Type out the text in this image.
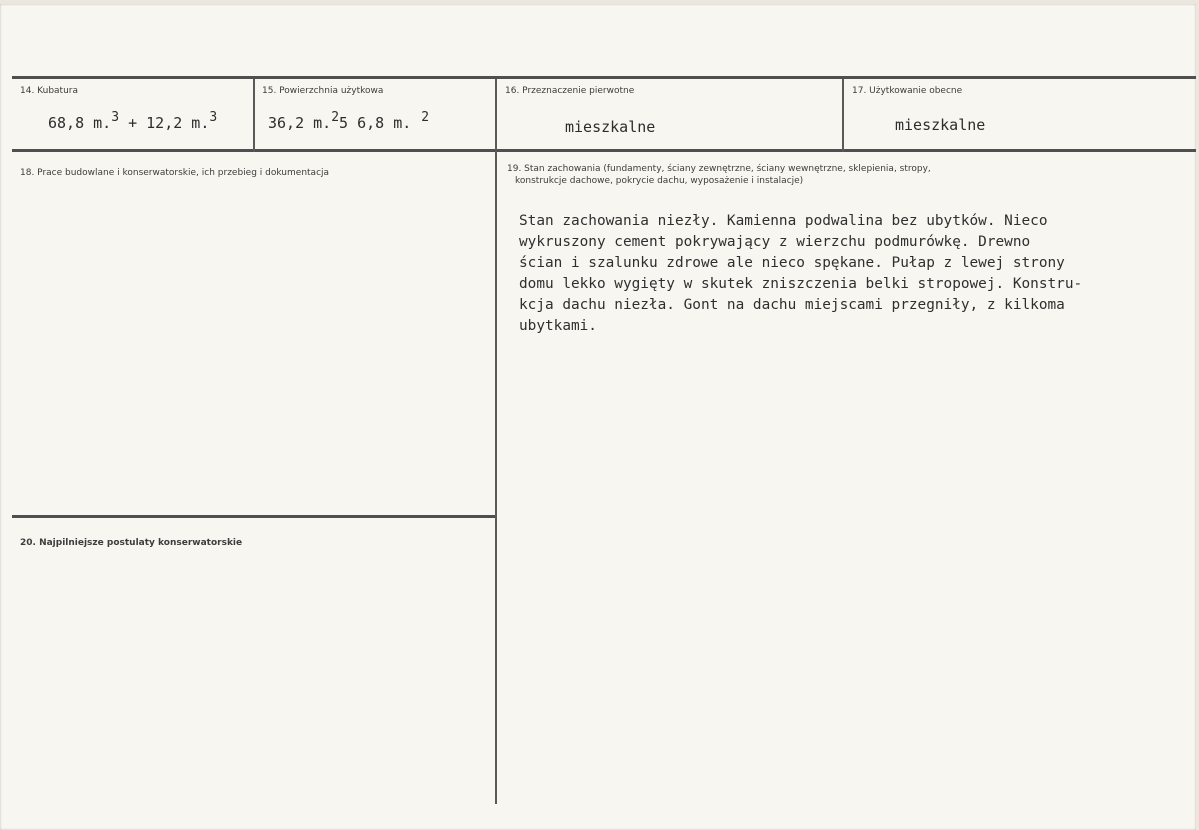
14. Kubatura
68,8 m.$^3$ + 12,2 m.$^3$
15. Powierzchnia użytkowa
36,2 m.$^2$5 6,8 m. $^2$
16. Przeznaczenie pierwotne
mieszkalne
17. Użytkowanie obecne
mieszkalne
18. Prace budowlane i konserwatorskie, ich przebieg i dokumentacja	19. Stan zachowania (fundamenty, ściany zewnętrzne, ściany wewnętrzne, sklepienia, stropy,
konstrukcje dachowe, pokrycie dachu, wyposażenie i instalacje)
Stan zachowania niezły. Kamienna podwalina bez ubytków. Nieco
wykruszony cement pokrywający z wierzchu podmurówkę. Drewno
ścian i szalunku zdrowe ale nieco spękane. Pułap z lewej strony
domu lekko wygięty w skutek zniszczenia belki stropowej. Konstru-
kcja dachu niezła. Gont na dachu miejscami przegniły, z kilkoma
ubytkami.
20. Najpilniejsze postulaty konserwatorskie
